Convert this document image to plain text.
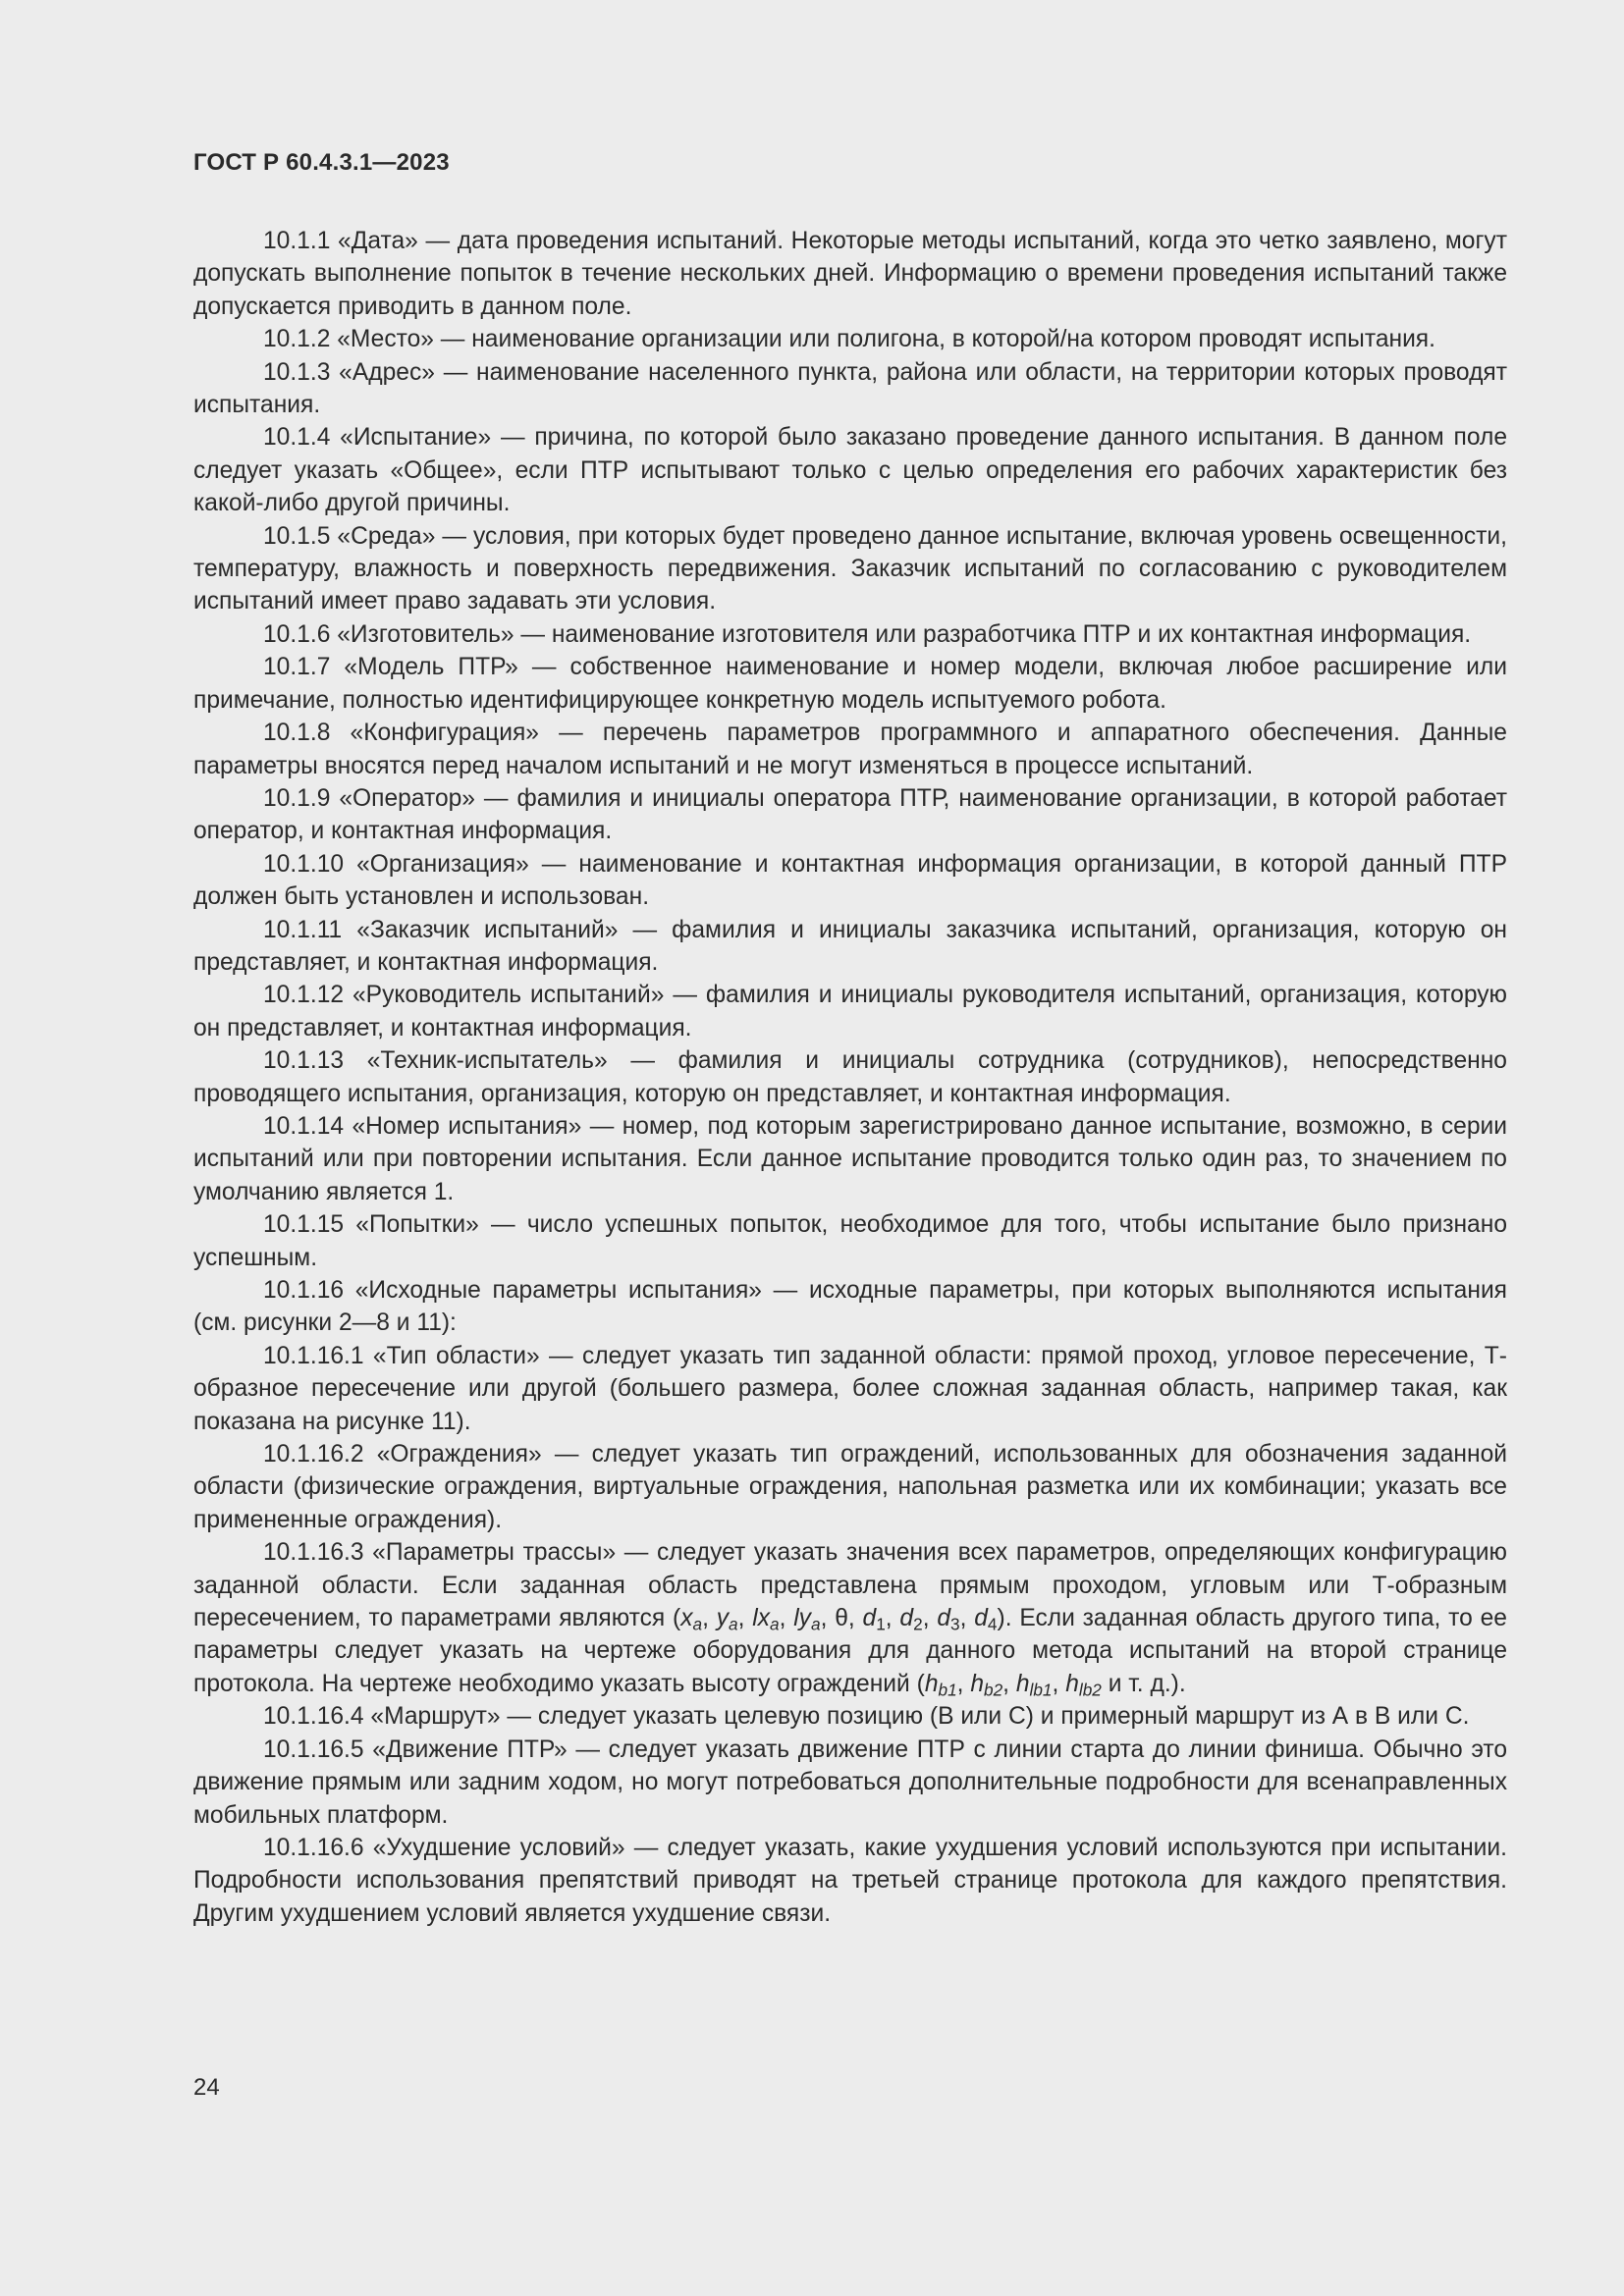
ГОСТ Р 60.4.3.1—2023

10.1.1 «Дата» — дата проведения испытаний. Некоторые методы испытаний, когда это четко заявлено, могут допускать выполнение попыток в течение нескольких дней. Информацию о времени проведения испытаний также допускается приводить в данном поле.

10.1.2 «Место» — наименование организации или полигона, в которой/на котором проводят испытания.

10.1.3 «Адрес» — наименование населенного пункта, района или области, на территории которых проводят испытания.

10.1.4 «Испытание» — причина, по которой было заказано проведение данного испытания. В данном поле следует указать «Общее», если ПТР испытывают только с целью определения его рабочих характеристик без какой-либо другой причины.

10.1.5 «Среда» — условия, при которых будет проведено данное испытание, включая уровень освещенности, температуру, влажность и поверхность передвижения. Заказчик испытаний по согласованию с руководителем испытаний имеет право задавать эти условия.

10.1.6 «Изготовитель» — наименование изготовителя или разработчика ПТР и их контактная информация.

10.1.7 «Модель ПТР» — собственное наименование и номер модели, включая любое расширение или примечание, полностью идентифицирующее конкретную модель испытуемого робота.

10.1.8 «Конфигурация» — перечень параметров программного и аппаратного обеспечения. Данные параметры вносятся перед началом испытаний и не могут изменяться в процессе испытаний.

10.1.9 «Оператор» — фамилия и инициалы оператора ПТР, наименование организации, в которой работает оператор, и контактная информация.

10.1.10 «Организация» — наименование и контактная информация организации, в которой данный ПТР должен быть установлен и использован.

10.1.11 «Заказчик испытаний» — фамилия и инициалы заказчика испытаний, организация, которую он представляет, и контактная информация.

10.1.12 «Руководитель испытаний» — фамилия и инициалы руководителя испытаний, организация, которую он представляет, и контактная информация.

10.1.13 «Техник-испытатель» — фамилия и инициалы сотрудника (сотрудников), непосредственно проводящего испытания, организация, которую он представляет, и контактная информация.

10.1.14 «Номер испытания» — номер, под которым зарегистрировано данное испытание, возможно, в серии испытаний или при повторении испытания. Если данное испытание проводится только один раз, то значением по умолчанию является 1.

10.1.15 «Попытки» — число успешных попыток, необходимое для того, чтобы испытание было признано успешным.

10.1.16 «Исходные параметры испытания» — исходные параметры, при которых выполняются испытания (см. рисунки 2—8 и 11):

10.1.16.1 «Тип области» — следует указать тип заданной области: прямой проход, угловое пересечение, Т-образное пересечение или другой (большего размера, более сложная заданная область, например такая, как показана на рисунке 11).

10.1.16.2 «Ограждения» — следует указать тип ограждений, использованных для обозначения заданной области (физические ограждения, виртуальные ограждения, напольная разметка или их комбинации; указать все примененные ограждения).

10.1.16.3 «Параметры трассы» — следует указать значения всех параметров, определяющих конфигурацию заданной области. Если заданная область представлена прямым проходом, угловым или Т-образным пересечением, то параметрами являются ($x_a$, $y_a$, $lx_a$, $ly_a$, θ, $d_1$, $d_2$, $d_3$, $d_4$). Если заданная область другого типа, то ее параметры следует указать на чертеже оборудования для данного метода испытаний на второй странице протокола. На чертеже необходимо указать высоту ограждений ($h_{b1}$, $h_{b2}$, $h_{lb1}$, $h_{lb2}$ и т. д.).

10.1.16.4 «Маршрут» — следует указать целевую позицию (В или С) и примерный маршрут из А в В или С.

10.1.16.5 «Движение ПТР» — следует указать движение ПТР с линии старта до линии финиша. Обычно это движение прямым или задним ходом, но могут потребоваться дополнительные подробности для всенаправленных мобильных платформ.

10.1.16.6 «Ухудшение условий» — следует указать, какие ухудшения условий используются при испытании. Подробности использования препятствий приводят на третьей странице протокола для каждого препятствия. Другим ухудшением условий является ухудшение связи.

24
